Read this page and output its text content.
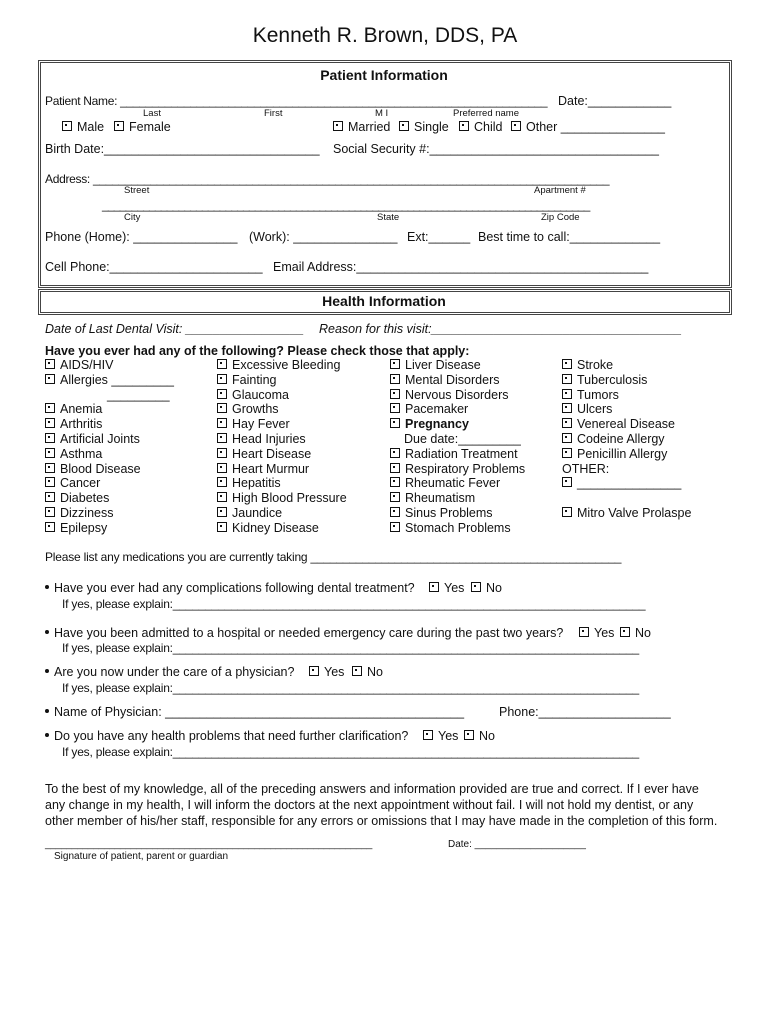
Kenneth R. Brown, DDS, PA
Patient Information
Patient Name: ___________________________________________________________________ Date:____________
Last	First	M I	Preferred name
Male	Female	Married	Single	Child	Other _______________
Birth Date:_______________________________ Social Security #:_________________________________
Address: _________________________________________________________________________________
Street	Apartment #
___________________________________________________________________________________
City	State	Zip Code
Phone (Home): _______________ (Work): _______________ Ext:______ Best time to call:_____________
Cell Phone:______________________ Email Address:__________________________________________
Health Information
Date of Last Dental Visit: _________________ Reason for this visit:____________________________________
Have you ever had any of the following? Please check those that apply:
AIDS/HIV
Allergies _________
_________
Anemia
Arthritis
Artificial Joints
Asthma
Blood Disease
Cancer
Diabetes
Dizziness
Epilepsy
Excessive Bleeding
Fainting
Glaucoma
Growths
Hay Fever
Head Injuries
Heart Disease
Heart Murmur
Hepatitis
High Blood Pressure
Jaundice
Kidney Disease
Liver Disease
Mental Disorders
Nervous Disorders
Pacemaker
Pregnancy
Due date:_________
Radiation Treatment
Respiratory Problems
Rheumatic Fever
Rheumatism
Sinus Problems
Stomach Problems
Stroke
Tuberculosis
Tumors
Ulcers
Venereal Disease
Codeine Allergy
Penicillin Allergy
OTHER:
_______________
Mitro Valve Prolaspe
Please list any medications you are currently taking ________________________________________________
Have you ever had any complications following dental treatment?	Yes	No
If yes, please explain:_________________________________________________________________________
Have you been admitted to a hospital or needed emergency care during the past two years?	Yes	No
If yes, please explain:________________________________________________________________________
Are you now under the care of a physician?	Yes	No
If yes, please explain:________________________________________________________________________
Name of Physician: ___________________________________________	Phone:___________________
Do you have any health problems that need further clarification?	Yes	No
If yes, please explain:________________________________________________________________________
To the best of my knowledge, all of the preceding answers and information provided are true and correct. If I ever have
any change in my health, I will inform the doctors at the next appointment without fail. I will not hold my dentist, or any
other member of his/her staff, responsible for any errors or omissions that I may have made in the completion of this form.
_____________________________________________________________	Date: ____________________
Signature of patient, parent or guardian
